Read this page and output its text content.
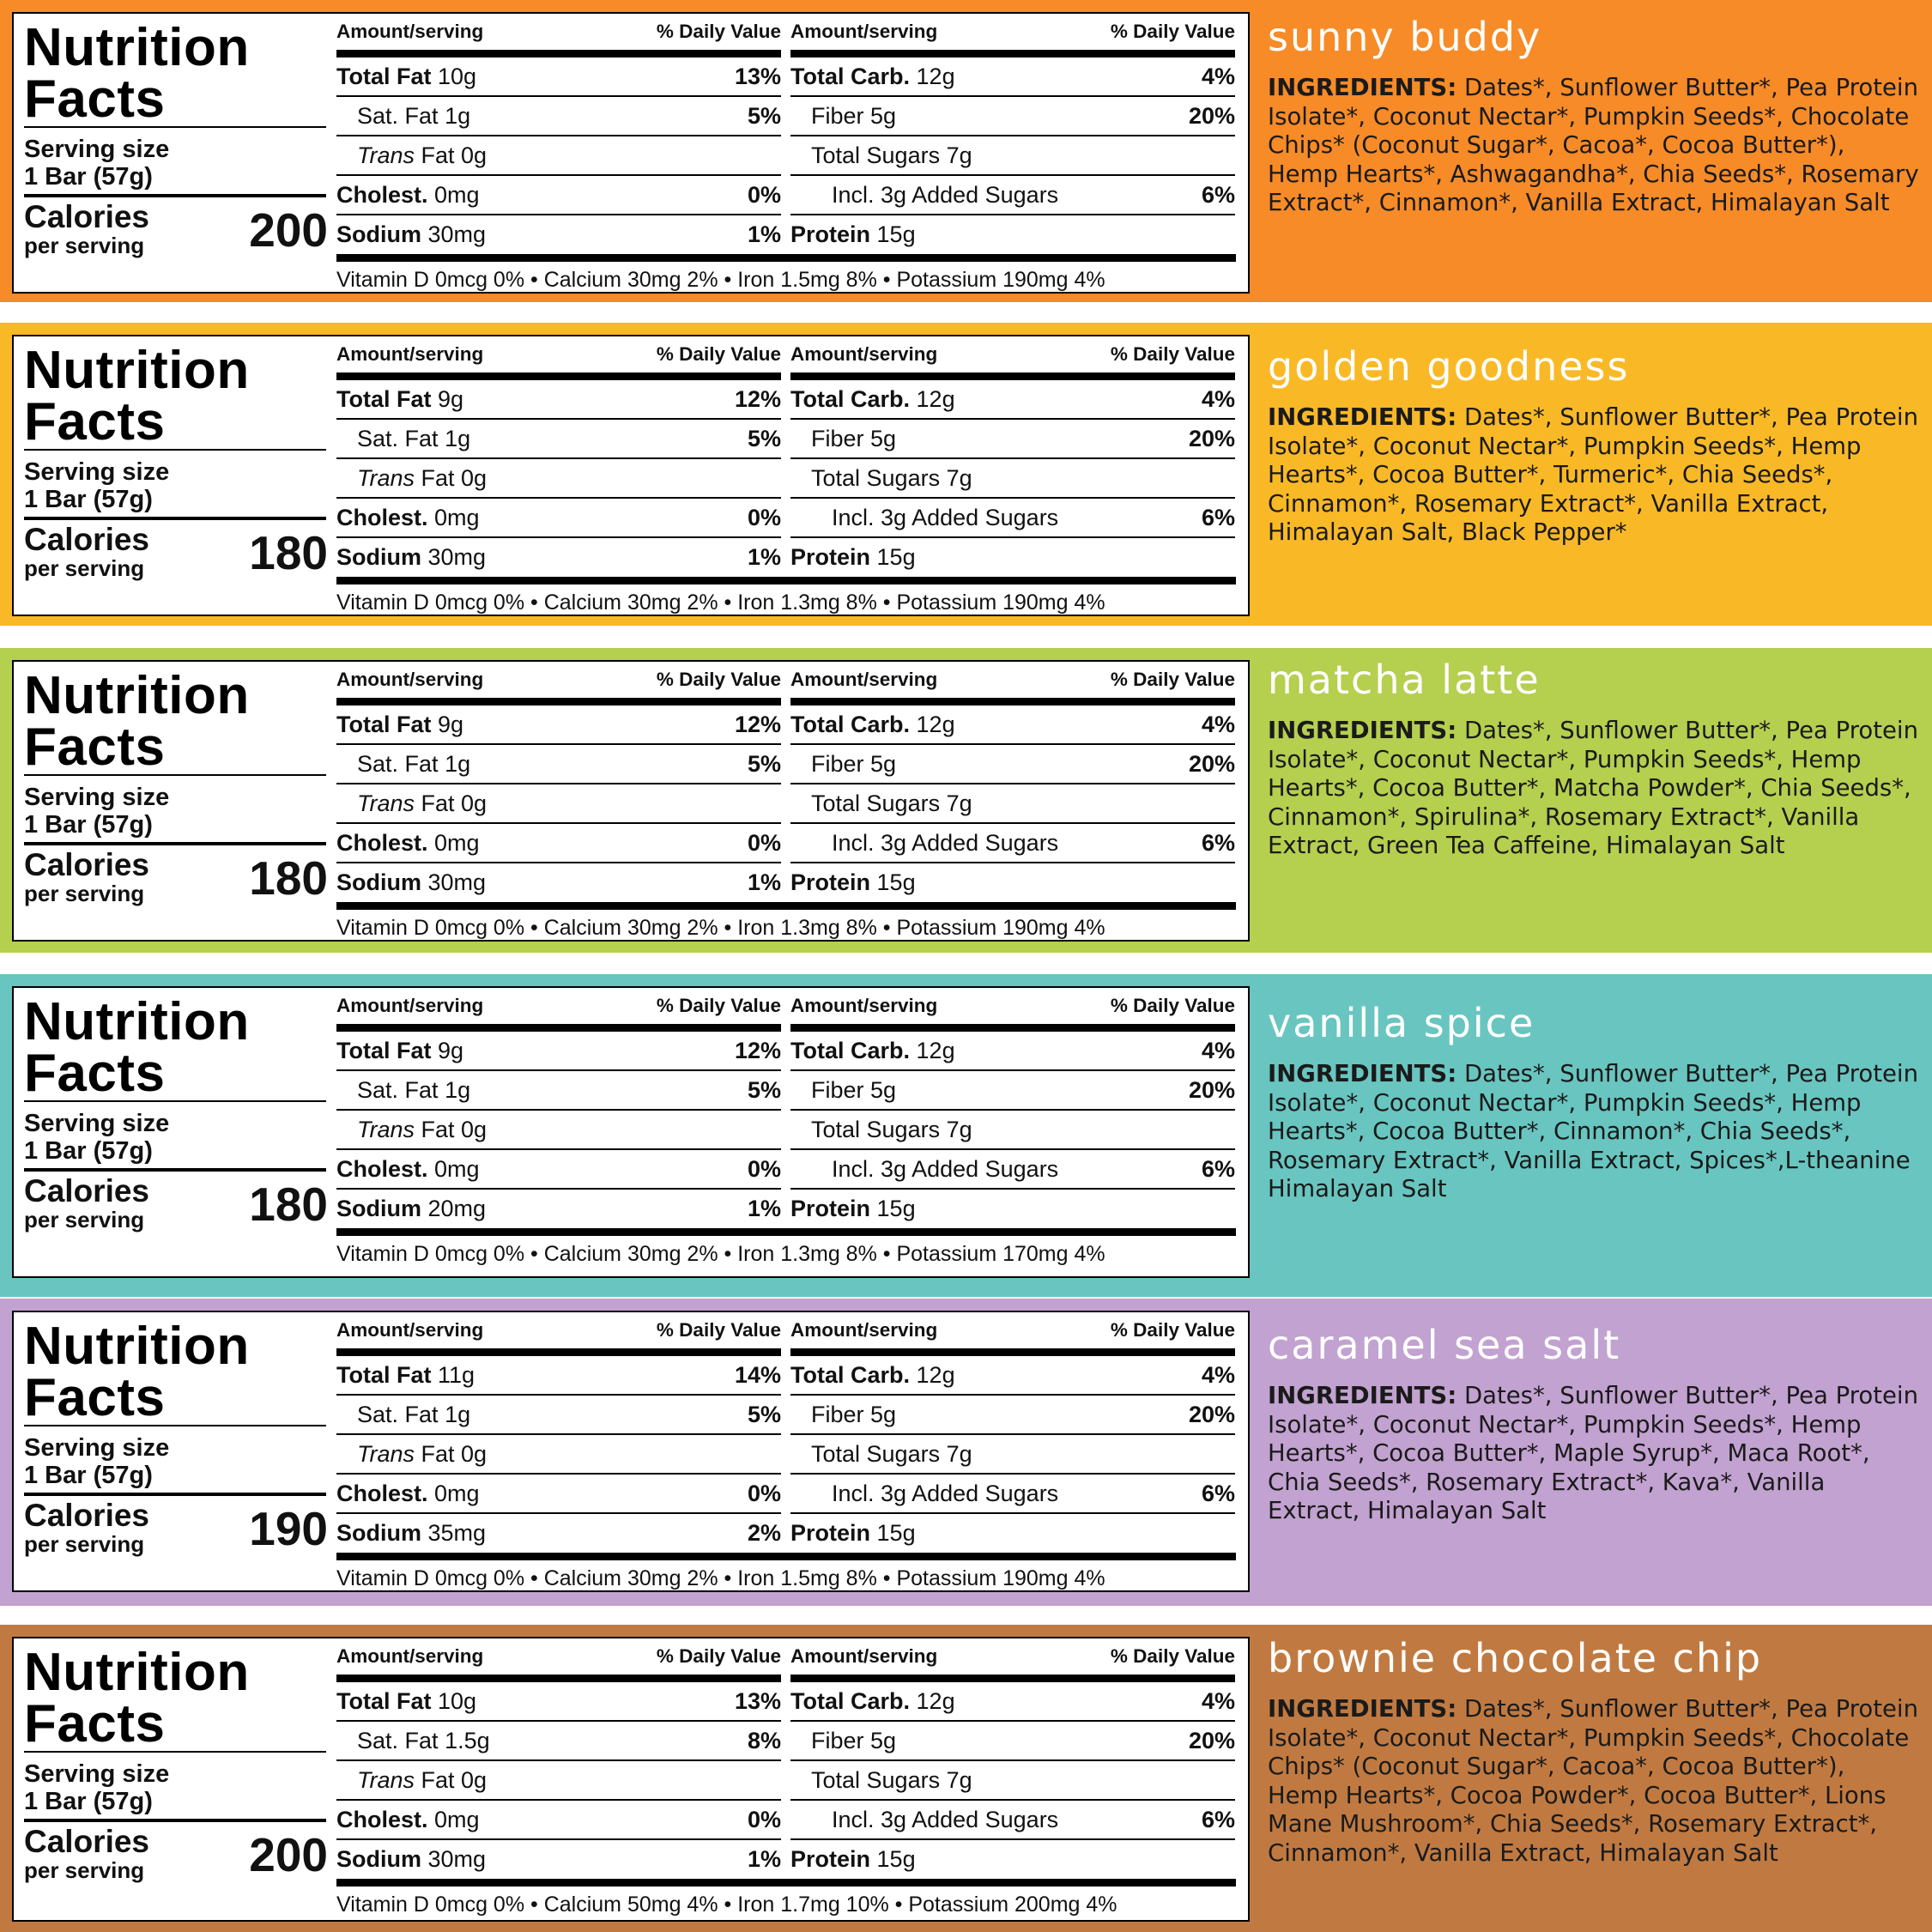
Nutrition
Facts
Serving size
1 Bar (57g)
Calories
per serving	200
Amount/serving	% Daily Value
Total Fat 10g	13%
Sat. Fat 1g	5%
Trans Fat 0g
Cholest. 0mg	0%
Sodium 30mg	1%
Amount/serving	% Daily Value
Total Carb. 12g	4%
Fiber 5g	20%
Total Sugars 7g
Incl. 3g Added Sugars	6%
Protein 15g
Vitamin D 0mcg 0% • Calcium 30mg 2% • Iron 1.5mg 8% • Potassium 190mg 4%
sunny buddy
INGREDIENTS: Dates*, Sunflower Butter*, Pea Protein Isolate*, Coconut Nectar*, Pumpkin Seeds*, Chocolate Chips* (Coconut Sugar*, Cacoa*, Cocoa Butter*), Hemp Hearts*, Ashwagandha*, Chia Seeds*, Rosemary Extract*, Cinnamon*, Vanilla Extract, Himalayan Salt
Nutrition
Facts
Serving size
1 Bar (57g)
Calories
per serving	180
Amount/serving	% Daily Value
Total Fat 9g	12%
Sat. Fat 1g	5%
Trans Fat 0g
Cholest. 0mg	0%
Sodium 30mg	1%
Amount/serving	% Daily Value
Total Carb. 12g	4%
Fiber 5g	20%
Total Sugars 7g
Incl. 3g Added Sugars	6%
Protein 15g
Vitamin D 0mcg 0% • Calcium 30mg 2% • Iron 1.3mg 8% • Potassium 190mg 4%
golden goodness
INGREDIENTS: Dates*, Sunflower Butter*, Pea Protein Isolate*, Coconut Nectar*, Pumpkin Seeds*, Hemp Hearts*, Cocoa Butter*, Turmeric*, Chia Seeds*, Cinnamon*, Rosemary Extract*, Vanilla Extract, Himalayan Salt, Black Pepper*
Nutrition
Facts
Serving size
1 Bar (57g)
Calories
per serving	180
Amount/serving	% Daily Value
Total Fat 9g	12%
Sat. Fat 1g	5%
Trans Fat 0g
Cholest. 0mg	0%
Sodium 30mg	1%
Amount/serving	% Daily Value
Total Carb. 12g	4%
Fiber 5g	20%
Total Sugars 7g
Incl. 3g Added Sugars	6%
Protein 15g
Vitamin D 0mcg 0% • Calcium 30mg 2% • Iron 1.3mg 8% • Potassium 190mg 4%
matcha latte
INGREDIENTS: Dates*, Sunflower Butter*, Pea Protein Isolate*, Coconut Nectar*, Pumpkin Seeds*, Hemp Hearts*, Cocoa Butter*, Matcha Powder*, Chia Seeds*, Cinnamon*, Spirulina*, Rosemary Extract*, Vanilla Extract, Green Tea Caffeine, Himalayan Salt
Nutrition
Facts
Serving size
1 Bar (57g)
Calories
per serving	180
Amount/serving	% Daily Value
Total Fat 9g	12%
Sat. Fat 1g	5%
Trans Fat 0g
Cholest. 0mg	0%
Sodium 20mg	1%
Amount/serving	% Daily Value
Total Carb. 12g	4%
Fiber 5g	20%
Total Sugars 7g
Incl. 3g Added Sugars	6%
Protein 15g
Vitamin D 0mcg 0% • Calcium 30mg 2% • Iron 1.3mg 8% • Potassium 170mg 4%
vanilla spice
INGREDIENTS: Dates*, Sunflower Butter*, Pea Protein Isolate*, Coconut Nectar*, Pumpkin Seeds*, Hemp Hearts*, Cocoa Butter*, Cinnamon*, Chia Seeds*, Rosemary Extract*, Vanilla Extract, Spices*,L-theanine Himalayan Salt
Nutrition
Facts
Serving size
1 Bar (57g)
Calories
per serving	190
Amount/serving	% Daily Value
Total Fat 11g	14%
Sat. Fat 1g	5%
Trans Fat 0g
Cholest. 0mg	0%
Sodium 35mg	2%
Amount/serving	% Daily Value
Total Carb. 12g	4%
Fiber 5g	20%
Total Sugars 7g
Incl. 3g Added Sugars	6%
Protein 15g
Vitamin D 0mcg 0% • Calcium 30mg 2% • Iron 1.5mg 8% • Potassium 190mg 4%
caramel sea salt
INGREDIENTS: Dates*, Sunflower Butter*, Pea Protein Isolate*, Coconut Nectar*, Pumpkin Seeds*, Hemp Hearts*, Cocoa Butter*, Maple Syrup*, Maca Root*, Chia Seeds*, Rosemary Extract*, Kava*, Vanilla Extract, Himalayan Salt
Nutrition
Facts
Serving size
1 Bar (57g)
Calories
per serving	200
Amount/serving	% Daily Value
Total Fat 10g	13%
Sat. Fat 1.5g	8%
Trans Fat 0g
Cholest. 0mg	0%
Sodium 30mg	1%
Amount/serving	% Daily Value
Total Carb. 12g	4%
Fiber 5g	20%
Total Sugars 7g
Incl. 3g Added Sugars	6%
Protein 15g
Vitamin D 0mcg 0% • Calcium 50mg 4% • Iron 1.7mg 10% • Potassium 200mg 4%
brownie chocolate chip
INGREDIENTS: Dates*, Sunflower Butter*, Pea Protein Isolate*, Coconut Nectar*, Pumpkin Seeds*, Chocolate Chips* (Coconut Sugar*, Cacoa*, Cocoa Butter*), Hemp Hearts*, Cocoa Powder*, Cocoa Butter*, Lions Mane Mushroom*, Chia Seeds*, Rosemary Extract*, Cinnamon*, Vanilla Extract, Himalayan Salt
